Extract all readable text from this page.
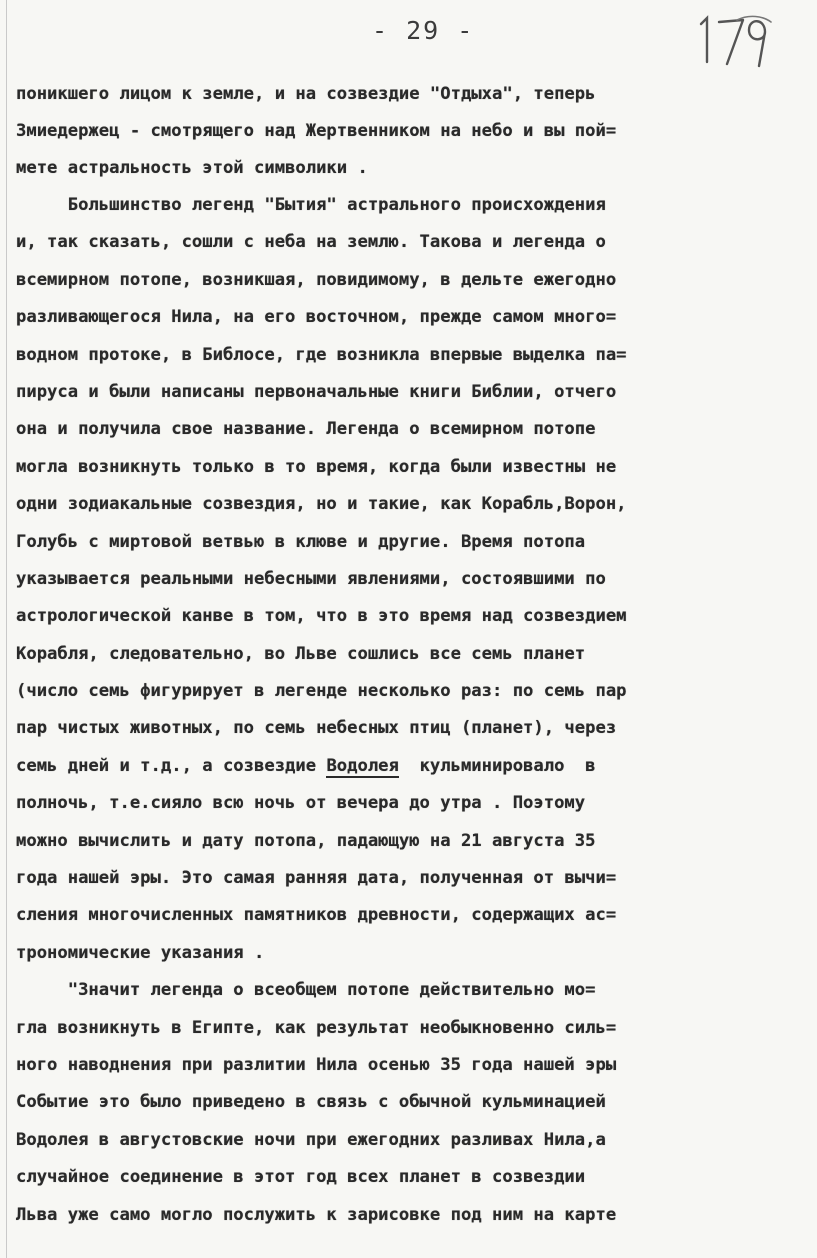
- 29 -
поникшего лицом к земле, и на созвездие "Отдыха", теперь
Змиедержец - смотрящего над Жертвенником на небо и вы пой=
мете астральность этой символики .
Большинство легенд "Бытия" астрального происхождения
и, так сказать, сошли с неба на землю. Такова и легенда о
всемирном потопе, возникшая, повидимому, в дельте ежегодно
разливающегося Нила, на его восточном, прежде самом много=
водном протоке, в Библосе, где возникла впервые выделка па=
пируса и были написаны первоначальные книги Библии, отчего
она и получила свое название. Легенда о всемирном потопе
могла возникнуть только в то время, когда были известны не
одни зодиакальные созвездия, но и такие, как Корабль,Ворон,
Голубь с миртовой ветвью в клюве и другие. Время потопа
указывается реальными небесными явлениями, состоявшими по
астрологической канве в том, что в это время над созвездием
Корабля, следовательно, во Льве сошлись все семь планет
(число семь фигурирует в легенде несколько раз: по семь пар
пар чистых животных, по семь небесных птиц (планет), через
семь дней и т.д., а созвездие Водолея  кульминировало  в
полночь, т.е.сияло всю ночь от вечера до утра . Поэтому
можно вычислить и дату потопа, падающую на 21 августа 35
года нашей эры. Это самая ранняя дата, полученная от вычи=
сления многочисленных памятников древности, содержащих ас=
трономические указания .
"Значит легенда о всеобщем потопе действительно мо=
гла возникнуть в Египте, как результат необыкновенно силь=
ного наводнения при разлитии Нила осенью 35 года нашей эры
Событие это было приведено в связь с обычной кульминацией
Водолея в августовские ночи при ежегодних разливах Нила,а
случайное соединение в этот год всех планет в созвездии
Льва уже само могло послужить к зарисовке под ним на карте
